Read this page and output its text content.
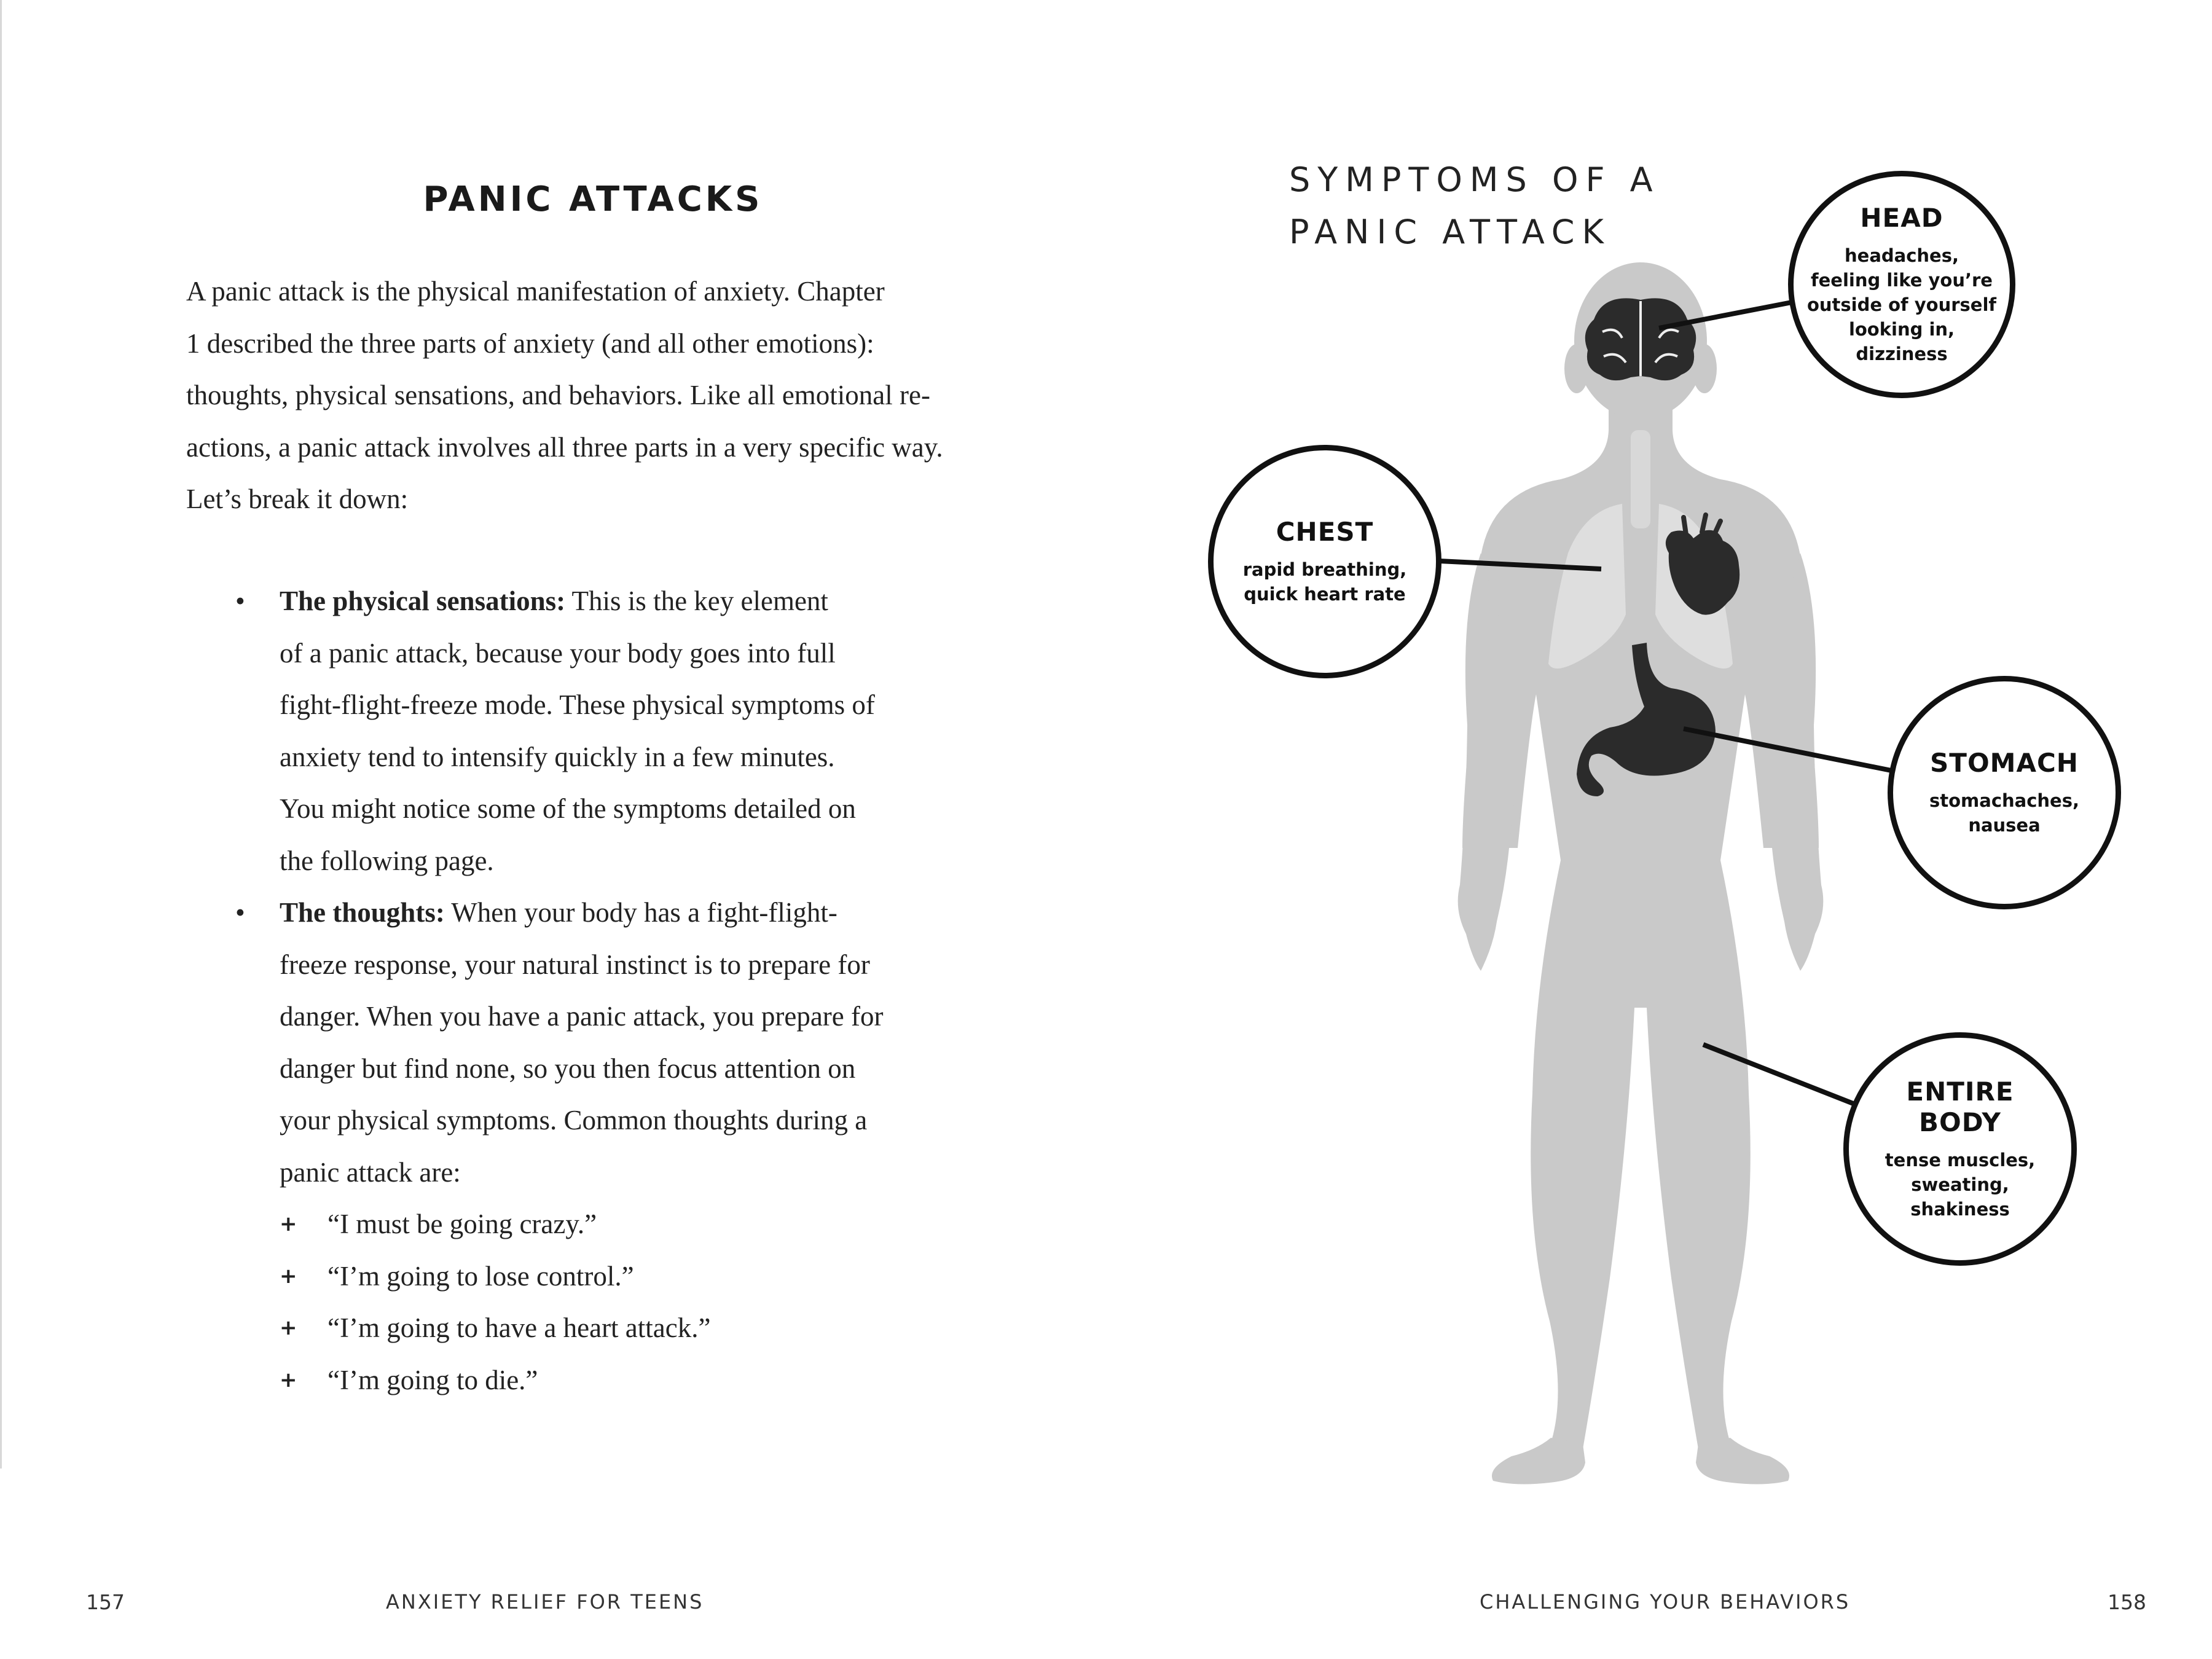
PANIC ATTACKS

A panic attack is the physical manifestation of anxiety. Chapter

1 described the three parts of anxiety (and all other emotions):

thoughts, physical sensations, and behaviors. Like all emotional re-

actions, a panic attack involves all three parts in a very specific way.

Let’s break it down:

• The physical sensations: This is the key element
of a panic attack, because your body goes into full
fight-flight-freeze mode. These physical symptoms of
anxiety tend to intensify quickly in a few minutes.
You might notice some of the symptoms detailed on
the following page.
• The thoughts: When your body has a fight-flight-
freeze response, your natural instinct is to prepare for
danger. When you have a panic attack, you prepare for
danger but find none, so you then focus attention on
your physical symptoms. Common thoughts during a
panic attack are:
+ “I must be going crazy.”
+ “I’m going to lose control.”
+ “I’m going to have a heart attack.”
+ “I’m going to die.”
157	ANXIETY RELIEF FOR TEENS
SYMPTOMS OF A
PANIC ATTACK	HEAD
headaches,
feeling like you’re
outside of yourself
looking in,
dizziness
CHEST
rapid breathing,
quick heart rate
STOMACH
stomachaches,
nausea
ENTIRE
BODY
tense muscles,
sweating,
shakiness
CHALLENGING YOUR BEHAVIORS	158
